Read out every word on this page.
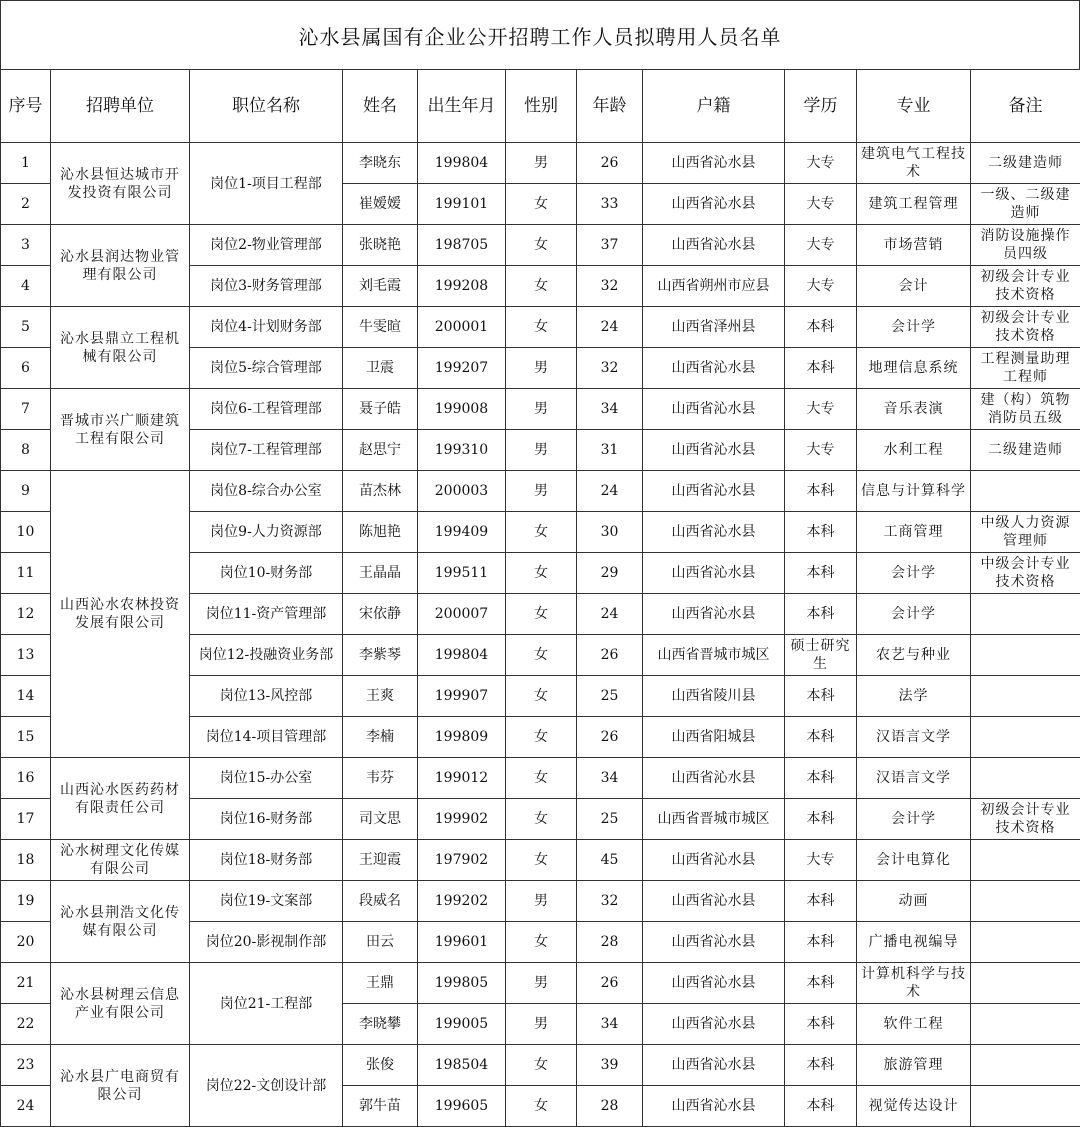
沁水县属国有企业公开招聘工作人员拟聘用人员名单
序号	招聘单位	职位名称	姓名	出生年月	性别	年龄	户籍	学历	专业	备注
1	沁水县恒达城市开发投资有限公司	岗位1-项目工程部	李晓东	199804	男	26	山西省沁水县	大专	建筑电气工程技术	二级建造师
2			崔嫒嫒	199101	女	33	山西省沁水县	大专	建筑工程管理	一级、二级建造师
3	沁水县润达物业管理有限公司	岗位2-物业管理部	张晓艳	198705	女	37	山西省沁水县	大专	市场营销	消防设施操作员四级
4		岗位3-财务管理部	刘毛霞	199208	女	32	山西省朔州市应县	大专	会计	初级会计专业技术资格
5	沁水县鼎立工程机械有限公司	岗位4-计划财务部	牛雯暄	200001	女	24	山西省泽州县	本科	会计学	初级会计专业技术资格
6		岗位5-综合管理部	卫震	199207	男	32	山西省沁水县	本科	地理信息系统	工程测量助理工程师
7	晋城市兴广顺建筑工程有限公司	岗位6-工程管理部	聂子皓	199008	男	34	山西省沁水县	大专	音乐表演	建（构）筑物消防员五级
8		岗位7-工程管理部	赵思宁	199310	男	31	山西省沁水县	大专	水利工程	二级建造师
9	山西沁水农林投资发展有限公司	岗位8-综合办公室	苗杰林	200003	男	24	山西省沁水县	本科	信息与计算科学	
10		岗位9-人力资源部	陈旭艳	199409	女	30	山西省沁水县	本科	工商管理	中级人力资源管理师
11		岗位10-财务部	王晶晶	199511	女	29	山西省沁水县	本科	会计学	中级会计专业技术资格
12		岗位11-资产管理部	宋依静	200007	女	24	山西省沁水县	本科	会计学	
13		岗位12-投融资业务部	李紫琴	199804	女	26	山西省晋城市城区	硕士研究生	农艺与种业	
14		岗位13-风控部	王爽	199907	女	25	山西省陵川县	本科	法学	
15		岗位14-项目管理部	李楠	199809	女	26	山西省阳城县	本科	汉语言文学	
16	山西沁水医药药材有限责任公司	岗位15-办公室	韦芬	199012	女	34	山西省沁水县	本科	汉语言文学	
17		岗位16-财务部	司文思	199902	女	25	山西省晋城市城区	本科	会计学	初级会计专业技术资格
18	沁水树理文化传媒有限公司	岗位18-财务部	王迎霞	197902	女	45	山西省沁水县	大专	会计电算化	
19	沁水县荆浩文化传媒有限公司	岗位19-文案部	段威名	199202	男	32	山西省沁水县	本科	动画	
20		岗位20-影视制作部	田云	199601	女	28	山西省沁水县	本科	广播电视编导	
21	沁水县树理云信息产业有限公司	岗位21-工程部	王鼎	199805	男	26	山西省沁水县	本科	计算机科学与技术	
22			李晓攀	199005	男	34	山西省沁水县	本科	软件工程	
23	沁水县广电商贸有限公司	岗位22-文创设计部	张俊	198504	女	39	山西省沁水县	本科	旅游管理	
24			郭牛苗	199605	女	28	山西省沁水县	本科	视觉传达设计	
